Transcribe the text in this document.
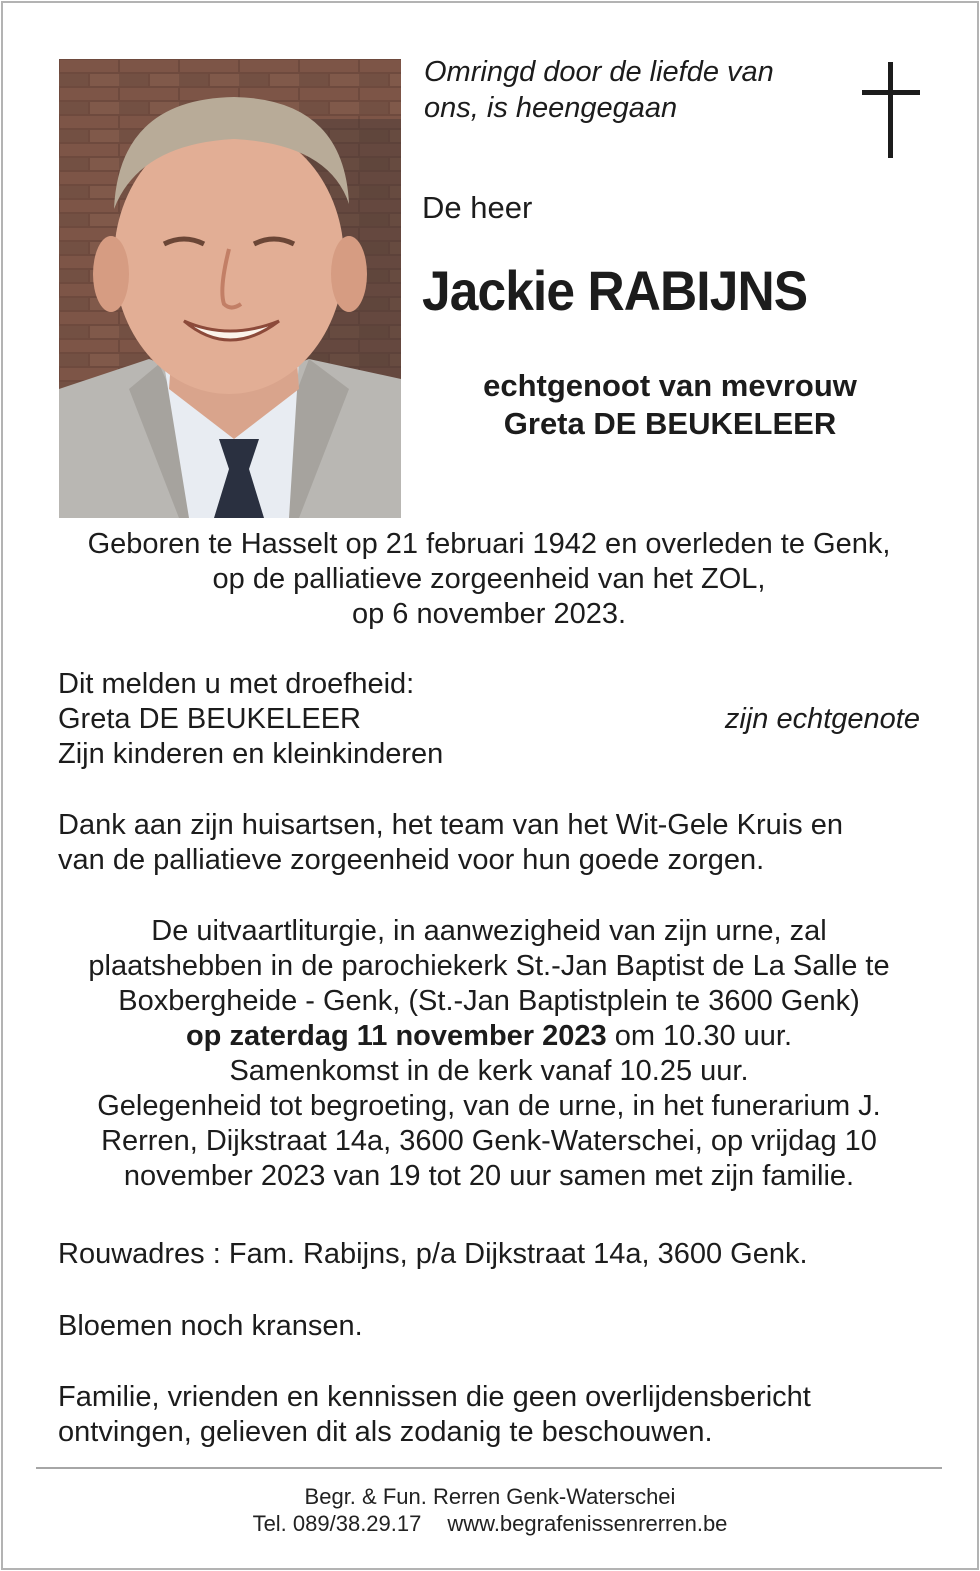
Omringd door de liefde van
ons, is heengegaan
De heer
Jackie RABIJNS
echtgenoot van mevrouw
Greta DE BEUKELEER
Geboren te Hasselt op 21 februari 1942 en overleden te Genk,
op de palliatieve zorgeenheid van het ZOL,
op 6 november 2023.
Dit melden u met droefheid:
Greta DE BEUKELEER	zijn echtgenote
Zijn kinderen en kleinkinderen
Dank aan zijn huisartsen, het team van het Wit-Gele Kruis en
van de palliatieve zorgeenheid voor hun goede zorgen.
De uitvaartliturgie, in aanwezigheid van zijn urne, zal
plaatshebben in de parochiekerk St.-Jan Baptist de La Salle te
Boxbergheide - Genk, (St.-Jan Baptistplein te 3600 Genk)
op zaterdag 11 november 2023 om 10.30 uur.
Samenkomst in de kerk vanaf 10.25 uur.
Gelegenheid tot begroeting, van de urne, in het funerarium J.
Rerren, Dijkstraat 14a, 3600 Genk-Waterschei, op vrijdag 10
november 2023 van 19 tot 20 uur samen met zijn familie.
Rouwadres : Fam. Rabijns, p/a Dijkstraat 14a, 3600 Genk.
Bloemen noch kransen.
Familie, vrienden en kennissen die geen overlijdensbericht
ontvingen, gelieven dit als zodanig te beschouwen.
Begr. & Fun. Rerren Genk-Waterschei
Tel. 089/38.29.17 www.begrafenissenrerren.be
